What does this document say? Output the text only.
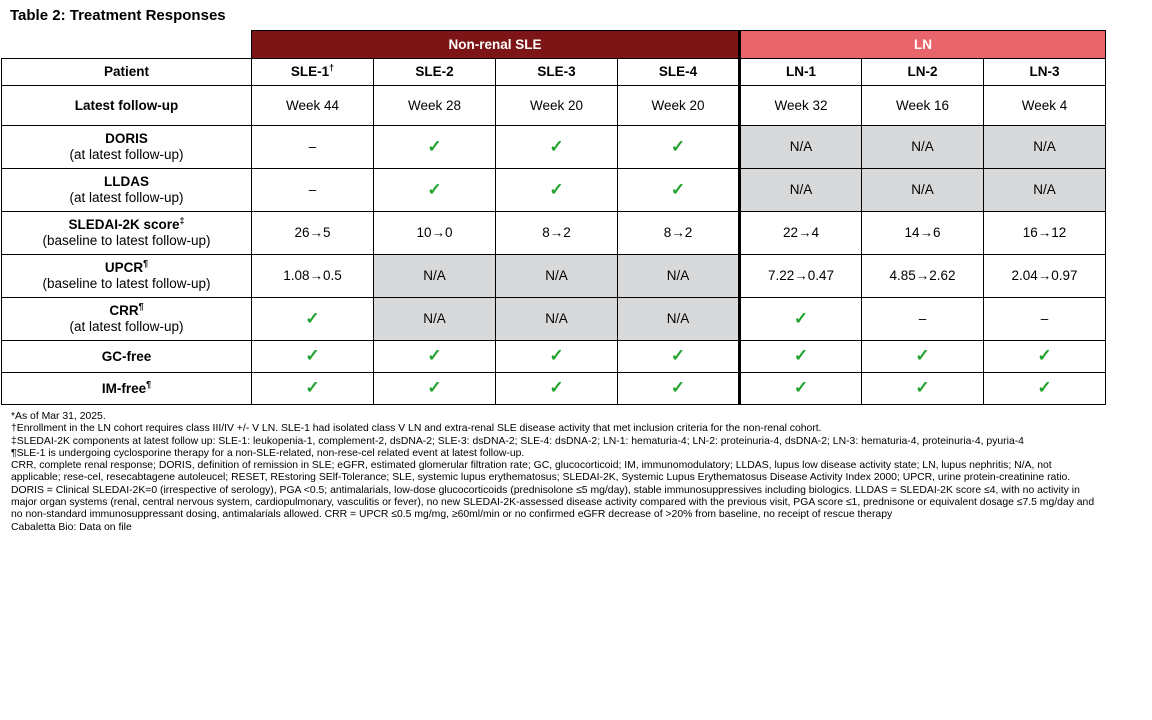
Table 2: Treatment Responses
	Non-renal SLE				LN		
Patient	SLE-1†	SLE-2	SLE-3	SLE-4	LN-1	LN-2	LN-3
Latest follow-up	Week 44	Week 28	Week 20	Week 20	Week 32	Week 16	Week 4
DORIS
(at latest follow-up)	–	✓	✓	✓	N/A	N/A	N/A
LLDAS
(at latest follow-up)	–	✓	✓	✓	N/A	N/A	N/A
SLEDAI-2K score‡
(baseline to latest follow-up)	26→5	10→0	8→2	8→2	22→4	14→6	16→12
UPCR¶
(baseline to latest follow-up)	1.08→0.5	N/A	N/A	N/A	7.22→0.47	4.85→2.62	2.04→0.97
CRR¶
(at latest follow-up)	✓	N/A	N/A	N/A	✓	–	–
GC-free	✓	✓	✓	✓	✓	✓	✓
IM-free¶	✓	✓	✓	✓	✓	✓	✓

*As of Mar 31, 2025.

†Enrollment in the LN cohort requires class III/IV +/- V LN. SLE-1 had isolated class V LN and extra-renal SLE disease activity that met inclusion criteria for the non-renal cohort.

‡SLEDAI-2K components at latest follow up: SLE-1: leukopenia-1, complement-2, dsDNA-2; SLE-3: dsDNA-2; SLE-4: dsDNA-2; LN-1: hematuria-4; LN-2: proteinuria-4, dsDNA-2; LN-3: hematuria-4, proteinuria-4, pyuria-4

¶SLE-1 is undergoing cyclosporine therapy for a non-SLE-related, non-rese-cel related event at latest follow-up.

CRR, complete renal response; DORIS, definition of remission in SLE; eGFR, estimated glomerular filtration rate; GC, glucocorticoid; IM, immunomodulatory; LLDAS, lupus low disease activity state; LN, lupus nephritis; N/A, not applicable; rese-cel, resecabtagene autoleucel; RESET, REstoring SElf-Tolerance; SLE, systemic lupus erythematosus; SLEDAI-2K, Systemic Lupus Erythematosus Disease Activity Index 2000; UPCR, urine protein-creatinine ratio.

DORIS = Clinical SLEDAI-2K=0 (irrespective of serology), PGA <0.5; antimalarials, low-dose glucocorticoids (prednisolone ≤5 mg/day), stable immunosuppressives including biologics. LLDAS = SLEDAI-2K score ≤4, with no activity in major organ systems (renal, central nervous system, cardiopulmonary, vasculitis or fever), no new SLEDAI-2K-assessed disease activity compared with the previous visit, PGA score ≤1, prednisone or equivalent dosage ≤7.5 mg/day and no non-standard immunosuppressant dosing, antimalarials allowed. CRR = UPCR ≤0.5 mg/mg, ≥60ml/min or no confirmed eGFR decrease of >20% from baseline, no receipt of rescue therapy

Cabaletta Bio: Data on file
